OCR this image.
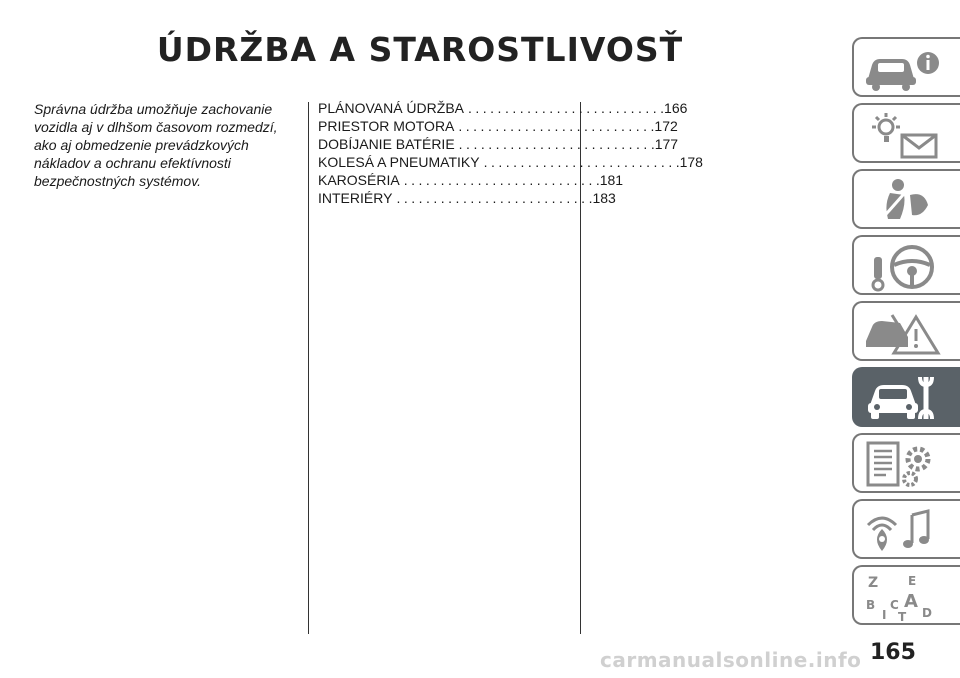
ÚDRŽBA A STAROSTLIVOSŤ
Správna údržba umožňuje zachovanie
vozidla aj v dlhšom časovom rozmedzí,
ako aj obmedzenie prevádzkových
nákladov a ochranu efektívnosti
bezpečnostných systémov.
PLÁNOVANÁ ÚDRŽBA .......................... .166
PRIESTOR MOTORA .......................... .172
DOBÍJANIE BATÉRIE .......................... .177
KOLESÁ A PNEUMATIKY .......................... .178
KAROSÉRIA .......................... .181
INTERIÉRY .......................... .183
Z E
B
I
C A
T D
165
carmanualsonline.info
